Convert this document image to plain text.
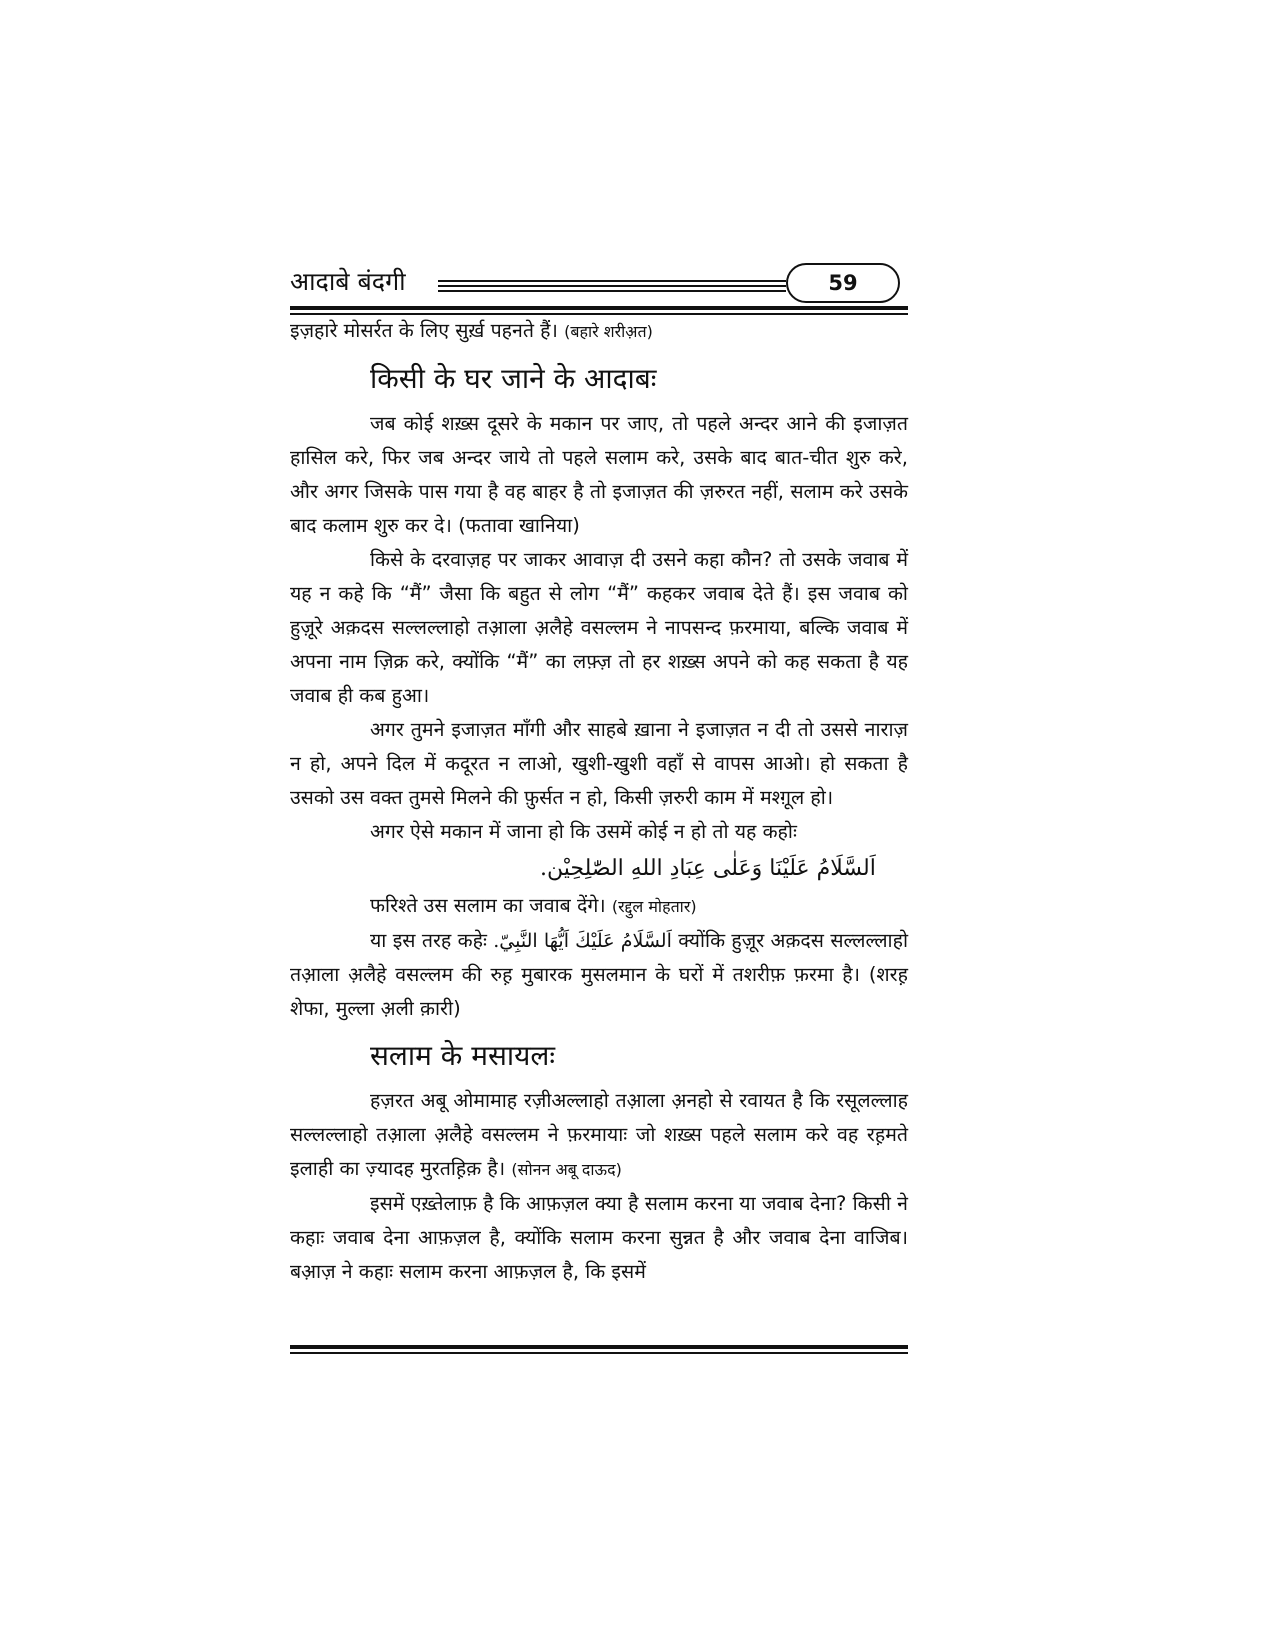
आदाबे बंदगी	59

इज़हारे मोसर्रत के लिए सुर्ख़ पहनते हैं। (बहारे शरीअ़त)

किसी के घर जाने के आदाबः

जब कोई शख़्स दूसरे के मकान पर जाए, तो पहले अन्दर आने की इजाज़त हासिल करे, फिर जब अन्दर जाये तो पहले सलाम करे, उसके बाद बात-चीत शुरु करे, और अगर जिसके पास गया है वह बाहर है तो इजाज़त की ज़रुरत नहीं, सलाम करे उसके बाद कलाम शुरु कर दे। (फतावा खानिया)

किसे के दरवाज़ह पर जाकर आवाज़ दी उसने कहा कौन? तो उसके जवाब में यह न कहे कि “मैं” जैसा कि बहुत से लोग “मैं” कहकर जवाब देते हैं। इस जवाब को हुज़ूरे अक़दस सल्लल्लाहो तआ़ला अ़लैहे वसल्लम ने नापसन्द फ़रमाया, बल्कि जवाब में अपना नाम ज़िक्र करे, क्योंकि “मैं” का लफ़्ज़ तो हर शख़्स अपने को कह सकता है यह जवाब ही कब हुआ।

अगर तुमने इजाज़त माँगी और साहबे ख़ाना ने इजाज़त न दी तो उससे नाराज़ न हो, अपने दिल में कदूरत न लाओ, खुशी-खुशी वहाँ से वापस आओ। हो सकता है उसको उस वक्त तुमसे मिलने की फ़ुर्सत न हो, किसी ज़रुरी काम में मश्ग़ूल हो।

अगर ऐसे मकान में जाना हो कि उसमें कोई न हो तो यह कहोः

اَلسَّلَامُ عَلَيْنَا وَعَلٰى عِبَادِ اللهِ الصّٰلِحِيْن.

फरिश्ते उस सलाम का जवाब देंगे। (रद्दुल मोहतार)

या इस तरह कहेः اَلسَّلَامُ عَلَيْكَ اَيُّهَا النَّبِيّ. क्योंकि हुज़ूर अक़दस सल्लल्लाहो तआ़ला अ़लैहे वसल्लम की रुह़ मुबारक मुसलमान के घरों में तशरीफ़ फ़रमा है। (शरह़ शेफा, मुल्ला अ़ली क़ारी)

सलाम के मसायलः

हज़रत अबू ओमामाह रज़ीअल्लाहो तआ़ला अ़नहो से रवायत है कि रसूलल्लाह सल्लल्लाहो तआ़ला अ़लैहे वसल्लम ने फ़रमायाः जो शख़्स पहले सलाम करे वह रह़मते इलाही का ज़्यादह मुरतह़िक़ है। (सोनन अबू दाऊद)

इसमें एख़्तेलाफ़ है कि आफ़ज़ल क्या है सलाम करना या जवाब देना? किसी ने कहाः जवाब देना आफ़ज़ल है, क्योंकि सलाम करना सुन्नत है और जवाब देना वाजिब। बआ़ज़ ने कहाः सलाम करना आफ़ज़ल है, कि इसमें
